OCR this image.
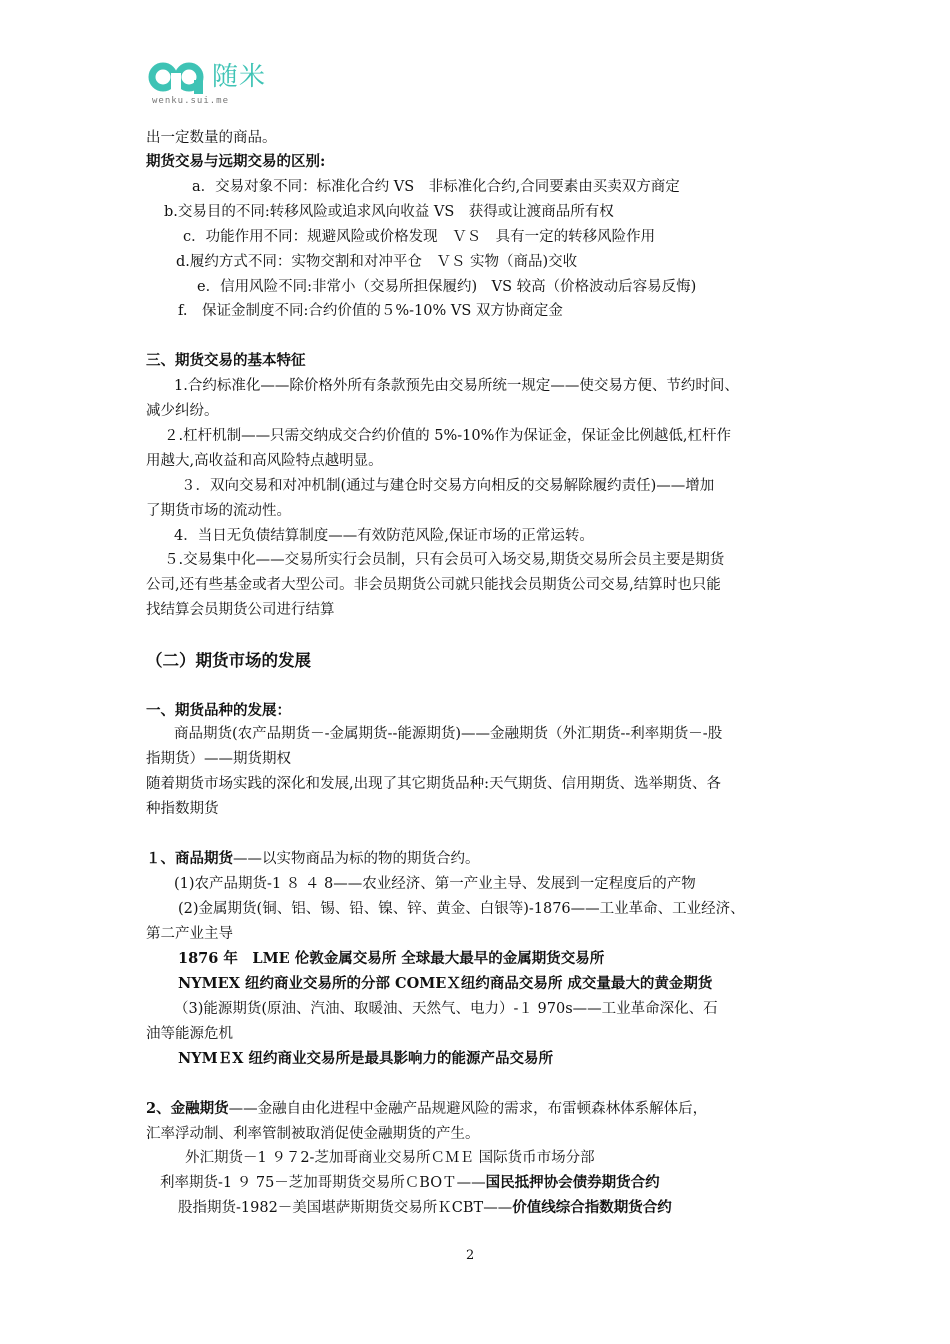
随米
wenku.sui.me
出一定数量的商品。
期货交易与远期交易的区别:
a．交易对象不同：标准化合约 VS　非标准化合约,合同要素由买卖双方商定
b.交易目的不同:转移风险或追求风向收益 VS　获得或让渡商品所有权
c．功能作用不同：规避风险或价格发现　ＶＳ　具有一定的转移风险作用
d.履约方式不同：实物交割和对冲平仓　ＶＳ 实物（商品)交收
e．信用风险不同:非常小（交易所担保履约)　VS 较高（价格波动后容易反悔)
f.　保证金制度不同:合约价值的５%-10% VS 双方协商定金
三、期货交易的基本特征
1.合约标准化——除价格外所有条款预先由交易所统一规定——使交易方便、节约时间、
减少纠纷。
２.杠杆机制——只需交纳成交合约价值的 5%-10%作为保证金，保证金比例越低,杠杆作
用越大,高收益和高风险特点越明显。
３．双向交易和对冲机制(通过与建仓时交易方向相反的交易解除履约责任)——增加
了期货市场的流动性。
4．当日无负债结算制度——有效防范风险,保证市场的正常运转。
５.交易集中化——交易所实行会员制，只有会员可入场交易,期货交易所会员主要是期货
公司,还有些基金或者大型公司。非会员期货公司就只能找会员期货公司交易,结算时也只能
找结算会员期货公司进行结算
（二）期货市场的发展
一、期货品种的发展：
商品期货(农产品期货－-金属期货--能源期货)——金融期货（外汇期货--利率期货－-股
指期货）——期货期权
随着期货市场实践的深化和发展,出现了其它期货品种:天气期货、信用期货、选举期货、各
种指数期货
１、商品期货——以实物商品为标的物的期货合约。
(1)农产品期货-1 ８ ４ 8——农业经济、第一产业主导、发展到一定程度后的产物
(2)金属期货(铜、铝、锡、铅、镍、锌、黄金、白银等)-1876——工业革命、工业经济、
第二产业主导
1876 年　LME 伦敦金属交易所 全球最大最早的金属期货交易所
NYMEX 纽约商业交易所的分部 COMEＸ纽约商品交易所 成交量最大的黄金期货
（3)能源期货(原油、汽油、取暖油、天然气、电力）-１ 970s——工业革命深化、石
油等能源危机
NYMＥX 纽约商业交易所是最具影响力的能源产品交易所
2、金融期货——金融自由化进程中金融产品规避风险的需求，布雷顿森林体系解体后，
汇率浮动制、利率管制被取消促使金融期货的产生。
外汇期货－1 ９７2-芝加哥商业交易所ＣＭＥ 国际货币市场分部
利率期货-1 ９ 75－芝加哥期货交易所ＣBOＴ——国民抵押协会债券期货合约
股指期货-1982－美国堪萨斯期货交易所ＫCBT——价值线综合指数期货合约
2
